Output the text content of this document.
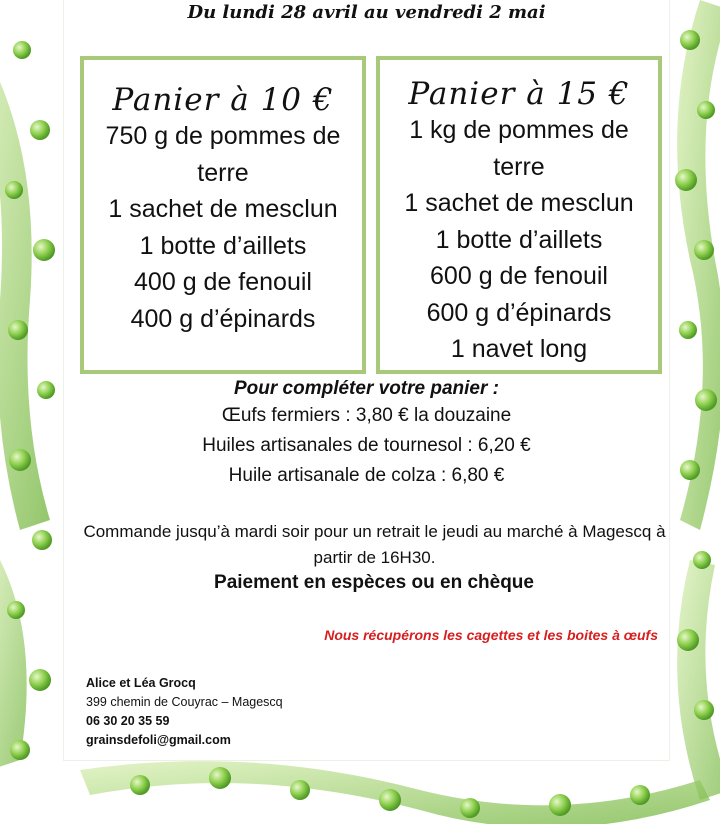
Du lundi 28 avril au vendredi 2 mai
Panier à 10 €
750 g de pommes de terre
1 sachet de mesclun
1 botte d’aillets
400 g de fenouil
400 g d’épinards
Panier à 15 €
1 kg de pommes de terre
1 sachet de mesclun
1 botte d’aillets
600 g de fenouil
600 g d’épinards
1 navet long
Pour compléter votre panier :
Œufs fermiers : 3,80 € la douzaine
Huiles artisanales de tournesol : 6,20 €
Huile artisanale de colza : 6,80 €
Commande jusqu’à mardi soir pour un retrait le jeudi au marché à Magescq à partir de 16H30.
Paiement en espèces ou en chèque
Nous récupérons les cagettes et les boites à œufs
Alice et Léa Grocq
399 chemin de Couyrac – Magescq
06 30 20 35 59
grainsdefoli@gmail.com
